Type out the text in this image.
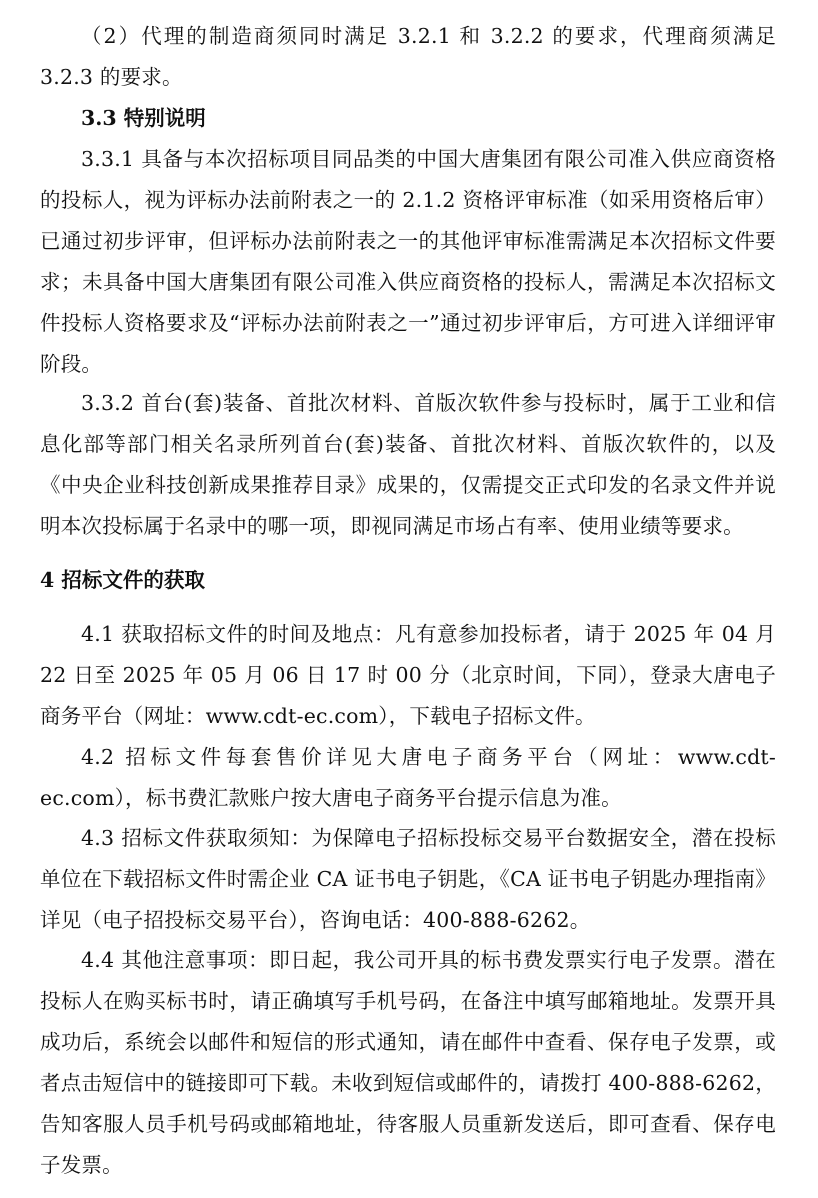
（2）代理的制造商须同时满足 3.2.1 和 3.2.2 的要求，代理商须满足 3.2.3 的要求。

3.3 特别说明

3.3.1 具备与本次招标项目同品类的中国大唐集团有限公司准入供应商资格的投标人，视为评标办法前附表之一的 2.1.2 资格评审标准（如采用资格后审）已通过初步评审，但评标办法前附表之一的其他评审标准需满足本次招标文件要求；未具备中国大唐集团有限公司准入供应商资格的投标人，需满足本次招标文件投标人资格要求及“评标办法前附表之一”通过初步评审后，方可进入详细评审阶段。

3.3.2 首台(套)装备、首批次材料、首版次软件参与投标时，属于工业和信息化部等部门相关名录所列首台(套)装备、首批次材料、首版次软件的，以及《中央企业科技创新成果推荐目录》成果的，仅需提交正式印发的名录文件并说明本次投标属于名录中的哪一项，即视同满足市场占有率、使用业绩等要求。

4 招标文件的获取

4.1 获取招标文件的时间及地点：凡有意参加投标者，请于 2025 年 04 月 22 日至 2025 年 05 月 06 日 17 时 00 分（北京时间，下同），登录大唐电子商务平台（网址：www.cdt-ec.com），下载电子招标文件。

4.2 招标文件每套售价详见大唐电子商务平台（网址：www.cdt-ec.com），标书费汇款账户按大唐电子商务平台提示信息为准。

4.3 招标文件获取须知：为保障电子招标投标交易平台数据安全，潜在投标单位在下载招标文件时需企业 CA 证书电子钥匙，《CA 证书电子钥匙办理指南》详见（电子招投标交易平台），咨询电话：400-888-6262。

4.4 其他注意事项：即日起，我公司开具的标书费发票实行电子发票。潜在投标人在购买标书时，请正确填写手机号码，在备注中填写邮箱地址。发票开具成功后，系统会以邮件和短信的形式通知，请在邮件中查看、保存电子发票，或者点击短信中的链接即可下载。未收到短信或邮件的，请拨打 400-888-6262，告知客服人员手机号码或邮箱地址，待客服人员重新发送后，即可查看、保存电子发票。
